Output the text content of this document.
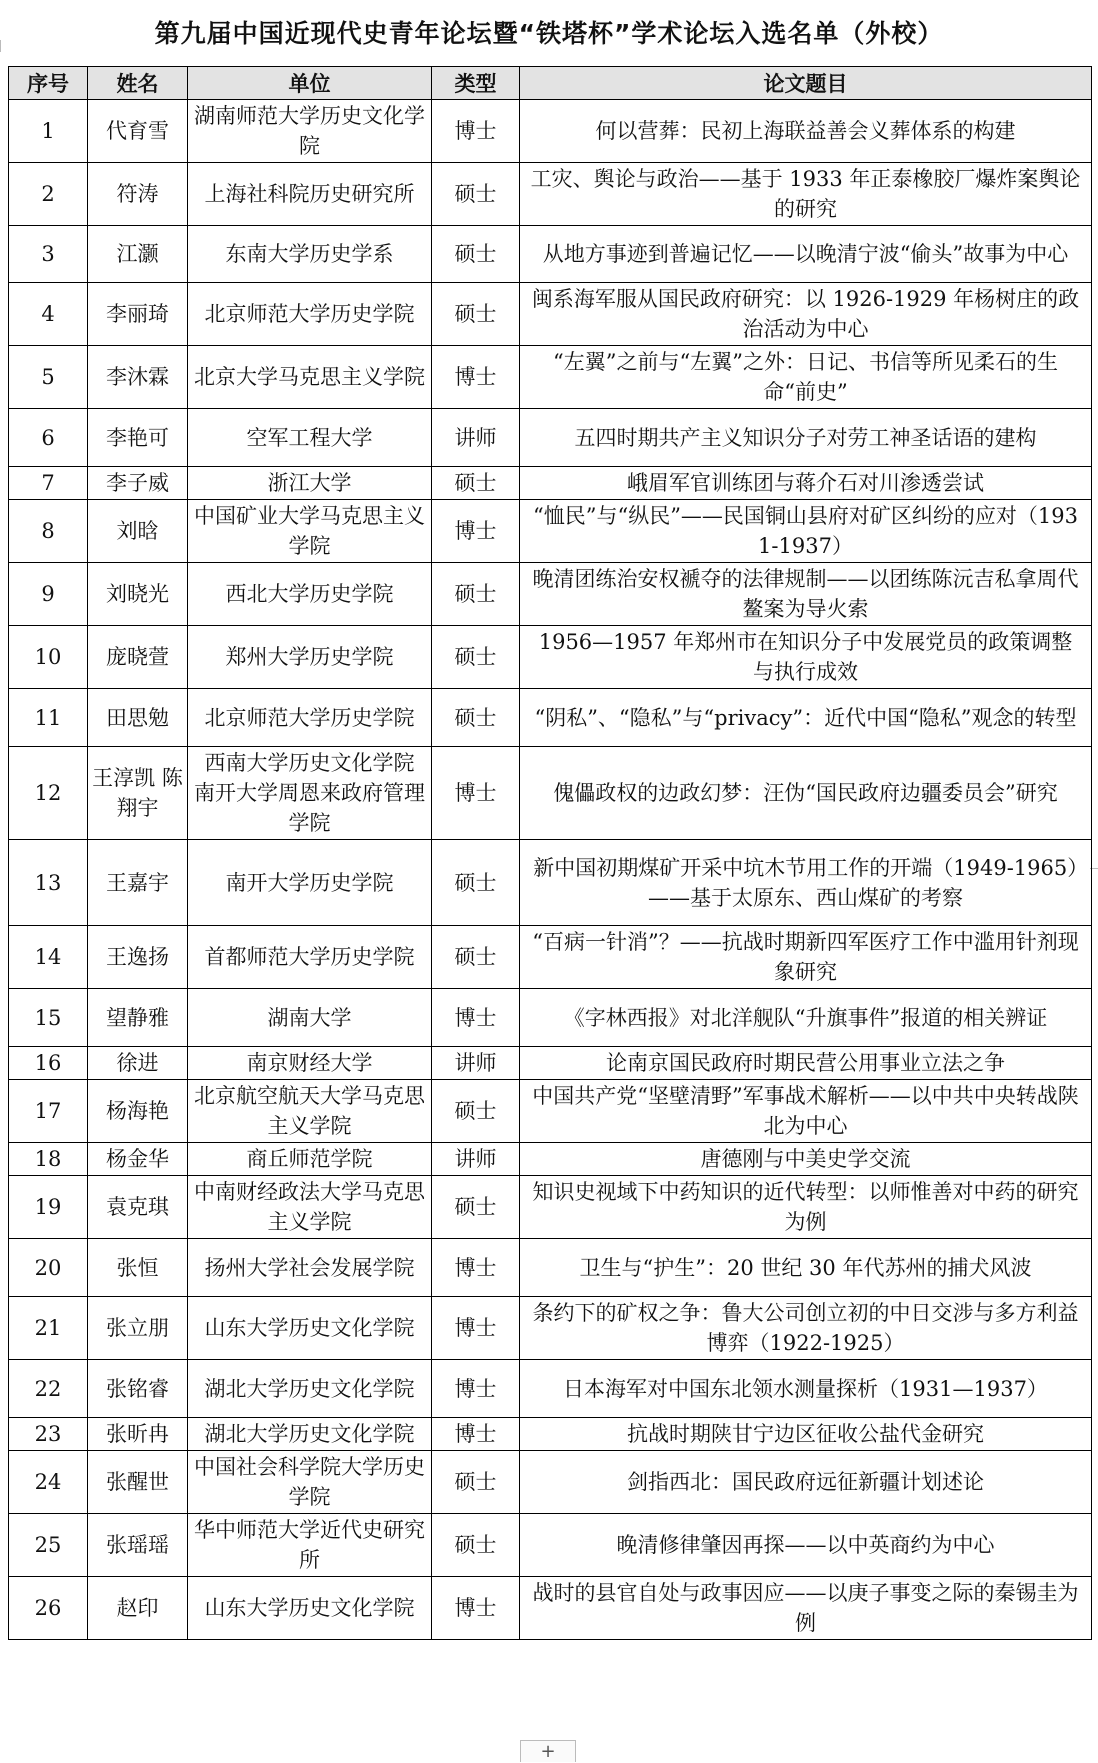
第九届中国近现代史青年论坛暨“铁塔杯”学术论坛入选名单（外校）
序号	姓名	单位	类型	论文题目
1	代育雪	湖南师范大学历史文化学院	博士	何以营葬：民初上海联益善会义葬体系的构建
2	符涛	上海社科院历史研究所	硕士	工灾、舆论与政治——基于 1933 年正泰橡胶厂爆炸案舆论的研究
3	江灏	东南大学历史学系	硕士	从地方事迹到普遍记忆——以晚清宁波“偷头”故事为中心
4	李丽琦	北京师范大学历史学院	硕士	闽系海军服从国民政府研究：以 1926-1929 年杨树庄的政治活动为中心
5	李沐霖	北京大学马克思主义学院	博士	“左翼”之前与“左翼”之外：日记、书信等所见柔石的生命“前史”
6	李艳可	空军工程大学	讲师	五四时期共产主义知识分子对劳工神圣话语的建构
7	李子威	浙江大学	硕士	峨眉军官训练团与蒋介石对川渗透尝试
8	刘晗	中国矿业大学马克思主义学院	博士	“恤民”与“纵民”——民国铜山县府对矿区纠纷的应对（1931-1937）
9	刘晓光	西北大学历史学院	硕士	晚清团练治安权褫夺的法律规制——以团练陈沅吉私拿周代鳌案为导火索
10	庞晓萱	郑州大学历史学院	硕士	1956—1957 年郑州市在知识分子中发展党员的政策调整与执行成效
11	田思勉	北京师范大学历史学院	硕士	“阴私”、“隐私”与“privacy”：近代中国“隐私”观念的转型
12	王淳凯 陈翔宇	西南大学历史文化学院 南开大学周恩来政府管理学院	博士	傀儡政权的边政幻梦：汪伪“国民政府边疆委员会”研究
13	王嘉宇	南开大学历史学院	硕士	新中国初期煤矿开采中坑木节用工作的开端（1949-1965）——基于太原东、西山煤矿的考察
14	王逸扬	首都师范大学历史学院	硕士	“百病一针消”？——抗战时期新四军医疗工作中滥用针剂现象研究
15	望静雅	湖南大学	博士	《字林西报》对北洋舰队“升旗事件”报道的相关辨证
16	徐进	南京财经大学	讲师	论南京国民政府时期民营公用事业立法之争
17	杨海艳	北京航空航天大学马克思主义学院	硕士	中国共产党“坚壁清野”军事战术解析——以中共中央转战陕北为中心
18	杨金华	商丘师范学院	讲师	唐德刚与中美史学交流
19	袁克琪	中南财经政法大学马克思主义学院	硕士	知识史视域下中药知识的近代转型：以师惟善对中药的研究为例
20	张恒	扬州大学社会发展学院	博士	卫生与“护生”：20 世纪 30 年代苏州的捕犬风波
21	张立朋	山东大学历史文化学院	博士	条约下的矿权之争：鲁大公司创立初的中日交涉与多方利益博弈（1922-1925）
22	张铭睿	湖北大学历史文化学院	博士	日本海军对中国东北领水测量探析（1931—1937）
23	张昕冉	湖北大学历史文化学院	博士	抗战时期陕甘宁边区征收公盐代金研究
24	张醒世	中国社会科学院大学历史学院	硕士	剑指西北：国民政府远征新疆计划述论
25	张瑶瑶	华中师范大学近代史研究所	硕士	晚清修律肇因再探——以中英商约为中心
26	赵印	山东大学历史文化学院	博士	战时的县官自处与政事因应——以庚子事变之际的秦锡圭为例
+
